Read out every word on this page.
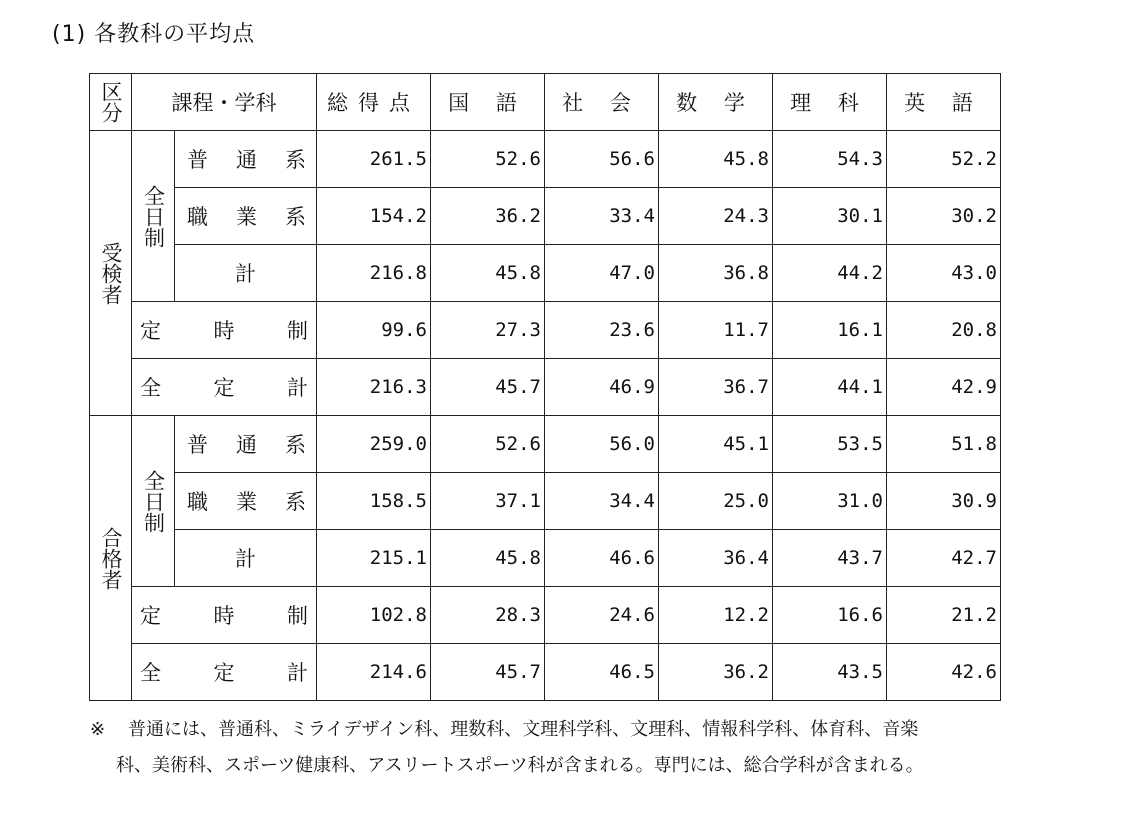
(1) 各教科の平均点
区分	課程・学科		総得点	国 語	社 会	数 学	理 科	英 語
受検者	全日制	普 通 系	261.5	52.6	56.6	45.8	54.3	52.2

		職 業 系	154.2	36.2	33.4	24.3	30.1	30.2
		計	216.8	45.8	47.0	36.8	44.2	43.0

	定 時 制		99.6	27.3	23.6	11.7	16.1	20.8

	全 定 計		216.3	45.7	46.9	36.7	44.1	42.9
合格者	全日制	普 通 系	259.0	52.6	56.0	45.1	53.5	51.8

		職 業 系	158.5	37.1	34.4	25.0	31.0	30.9
		計	215.1	45.8	46.6	36.4	43.7	42.7

	定 時 制		102.8	28.3	24.6	12.2	16.6	21.2

	全 定 計		214.6	45.7	46.5	36.2	43.5	42.6
※ 普通には、普通科、ミライデザイン科、理数科、文理科学科、文理科、情報科学科、体育科、音楽
科、美術科、スポーツ健康科、アスリートスポーツ科が含まれる。専門には、総合学科が含まれる。
